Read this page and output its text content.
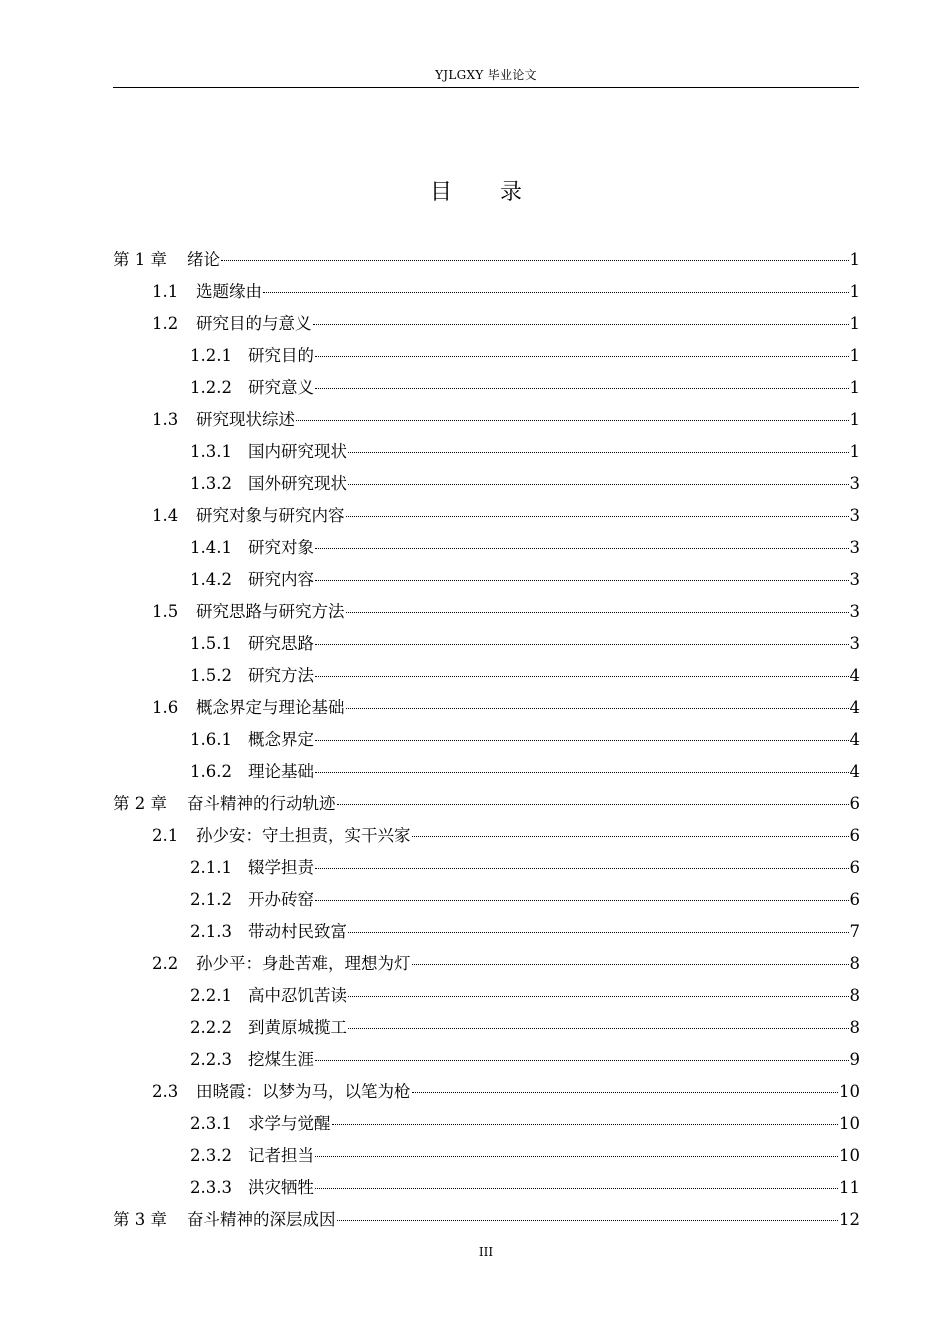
YJLGXY 毕业论文
目录
第 1 章	绪论	1
1.1	选题缘由	1
1.2	研究目的与意义	1
1.2.1 研究目的	1
1.2.2 研究意义	1
1.3	研究现状综述	1
1.3.1 国内研究现状	1
1.3.2 国外研究现状	3
1.4	研究对象与研究内容	3
1.4.1 研究对象	3
1.4.2 研究内容	3
1.5	研究思路与研究方法	3
1.5.1 研究思路	3
1.5.2 研究方法	4
1.6	概念界定与理论基础	4
1.6.1 概念界定	4
1.6.2 理论基础	4
第 2 章	奋斗精神的行动轨迹	6
2.1	孙少安：守土担责，实干兴家	6
2.1.1 辍学担责	6
2.1.2 开办砖窑	6
2.1.3 带动村民致富	7
2.2	孙少平：身赴苦难，理想为灯	8
2.2.1 高中忍饥苦读	8
2.2.2 到黄原城揽工	8
2.2.3 挖煤生涯	9
2.3	田晓霞：以梦为马，以笔为枪	10
2.3.1 求学与觉醒	10
2.3.2 记者担当	10
2.3.3 洪灾牺牲	11
第 3 章	奋斗精神的深层成因	12
III
